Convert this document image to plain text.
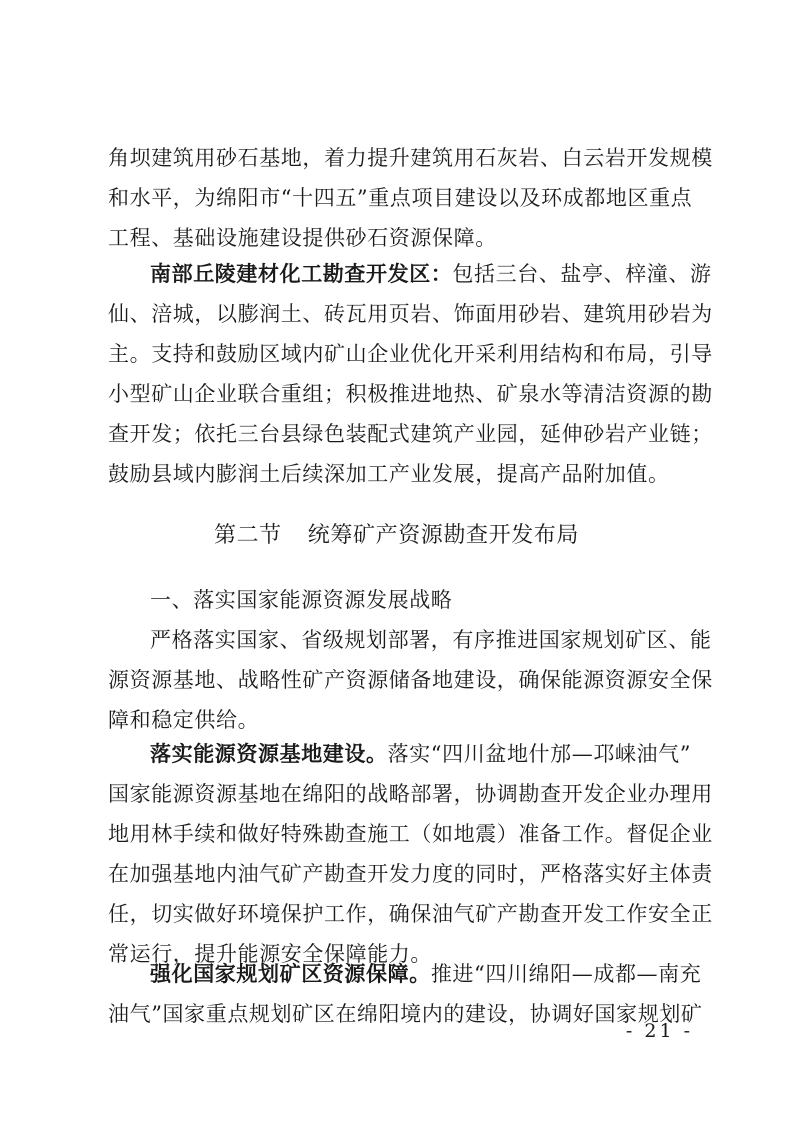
角坝建筑用砂石基地，着力提升建筑用石灰岩、白云岩开发规模
和水平，为绵阳市“十四五”重点项目建设以及环成都地区重点
工程、基础设施建设提供砂石资源保障。
南部丘陵建材化工勘查开发区：包括三台、盐亭、梓潼、游
仙、涪城，以膨润土、砖瓦用页岩、饰面用砂岩、建筑用砂岩为
主。支持和鼓励区域内矿山企业优化开采利用结构和布局，引导
小型矿山企业联合重组；积极推进地热、矿泉水等清洁资源的勘
查开发；依托三台县绿色装配式建筑产业园，延伸砂岩产业链；
鼓励县域内膨润土后续深加工产业发展，提高产品附加值。
第二节 统筹矿产资源勘查开发布局
一、落实国家能源资源发展战略
严格落实国家、省级规划部署，有序推进国家规划矿区、能
源资源基地、战略性矿产资源储备地建设，确保能源资源安全保
障和稳定供给。
落实能源资源基地建设。落实“四川盆地什邡—邛崃油气”
国家能源资源基地在绵阳的战略部署，协调勘查开发企业办理用
地用林手续和做好特殊勘查施工（如地震）准备工作。督促企业
在加强基地内油气矿产勘查开发力度的同时，严格落实好主体责
任，切实做好环境保护工作，确保油气矿产勘查开发工作安全正
常运行，提升能源安全保障能力。
强化国家规划矿区资源保障。推进“四川绵阳—成都—南充
油气”国家重点规划矿区在绵阳境内的建设，协调好国家规划矿
- 21 -
